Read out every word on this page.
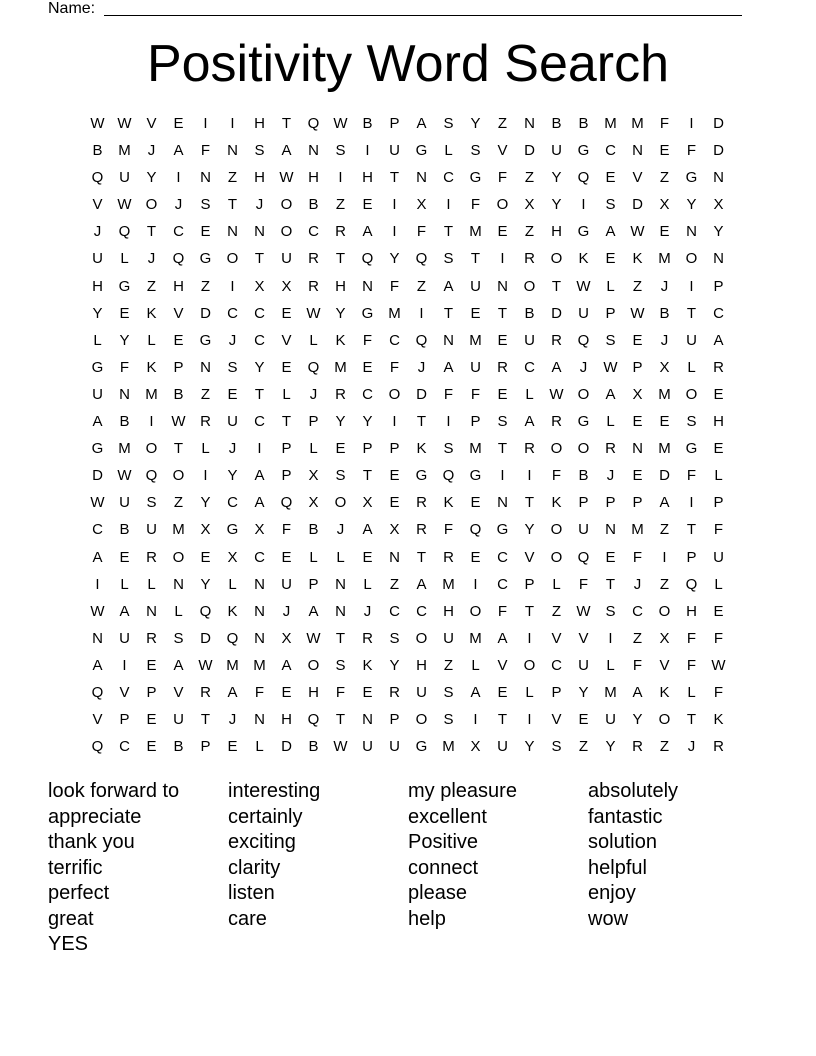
Name:
Positivity Word Search
W W V	E	I	I	H	T	Q W B	P	A	S	Y	Z	N	B	B	M M	F	I	D
B	M	J	A	F	N	S	A	N	S	I	U	G	L	S	V	D	U	G	C	N	E	F	D
Q	U	Y	I	N	Z	H W H	I	H	T	N	C	G	F	Z	Y	Q	E	V	Z	G	N
V W O	J	S	T	J	O	B	Z	E	I	X	I	F	O	X	Y	I	S	D	X	Y	X
J	Q	T	C	E	N	N	O	C	R	A	I	F	T	M	E	Z	H	G	A W E	N	Y
U	L	J	Q	G	O	T	U	R	T	Q	Y	Q	S	T	I	R	O	K	E	K	M O	N
H	G	Z	H	Z	I	X	X	R	H	N	F	Z	A	U	N	O	T	W	L	Z	J	I	P
Y	E	K	V	D	C	C	E W Y	G M	I	T	E	T	B	D	U	P W B	T	C
L	Y	L	E	G	J	C	V	L	K	F	C	Q	N	M	E	U	R	Q	S	E	J	U	A
G	F	K	P	N	S	Y	E	Q M	E	F	J	A	U	R	C	A	J	W P	X	L	R
U	N	M	B	Z	E	T	L	J	R	C	O	D	F	F	E	L	W O	A	X	M O	E
A	B	I	W R	U	C	T	P	Y	Y	I	T	I	P	S	A	R	G	L	E	E	S	H
G M O	T	L	J	I	P	L	E	P	P	K	S	M	T	R	O	O	R	N	M G	E
D W Q	O	I	Y	A	P	X	S	T	E	G	Q	G	I	I	F	B	J	E	D	F	L
W U	S	Z	Y	C	A	Q	X	O	X	E	R	K	E	N	T	K	P	P	P	A	I	P
C	B	U	M	X	G	X	F	B	J	A	X	R	F	Q	G	Y	O	U	N	M	Z	T	F
A	E	R	O	E	X	C	E	L	L	E	N	T	R	E	C	V	O	Q	E	F	I	P	U
I	L	L	N	Y	L	N	U	P	N	L	Z	A	M	I	C	P	L	F	T	J	Z	Q	L
W A	N	L	Q	K	N	J	A	N	J	C	C	H	O	F	T	Z	W S	C	O	H	E
N	U	R	S	D	Q	N	X W	T	R	S	O	U	M	A	I	V	V	I	Z	X	F	F
A	I	E	A W M M	A	O	S	K	Y	H	Z	L	V	O	C	U	L	F	V	F	W
Q	V	P	V	R	A	F	E	H	F	E	R	U	S	A	E	L	P	Y	M	A	K	L	F
V	P	E	U	T	J	N	H	Q	T	N	P	O	S	I	T	I	V	E	U	Y	O	T	K
Q	C	E	B	P	E	L	D	B W U	U	G M	X	U	Y	S	Z	Y	R	Z	J	R
look forward to
appreciate
thank you
terrific
perfect
great
YES
interesting
certainly
exciting
clarity
listen
care
my pleasure
excellent
Positive
connect
please
help
absolutely
fantastic
solution
helpful
enjoy
wow
